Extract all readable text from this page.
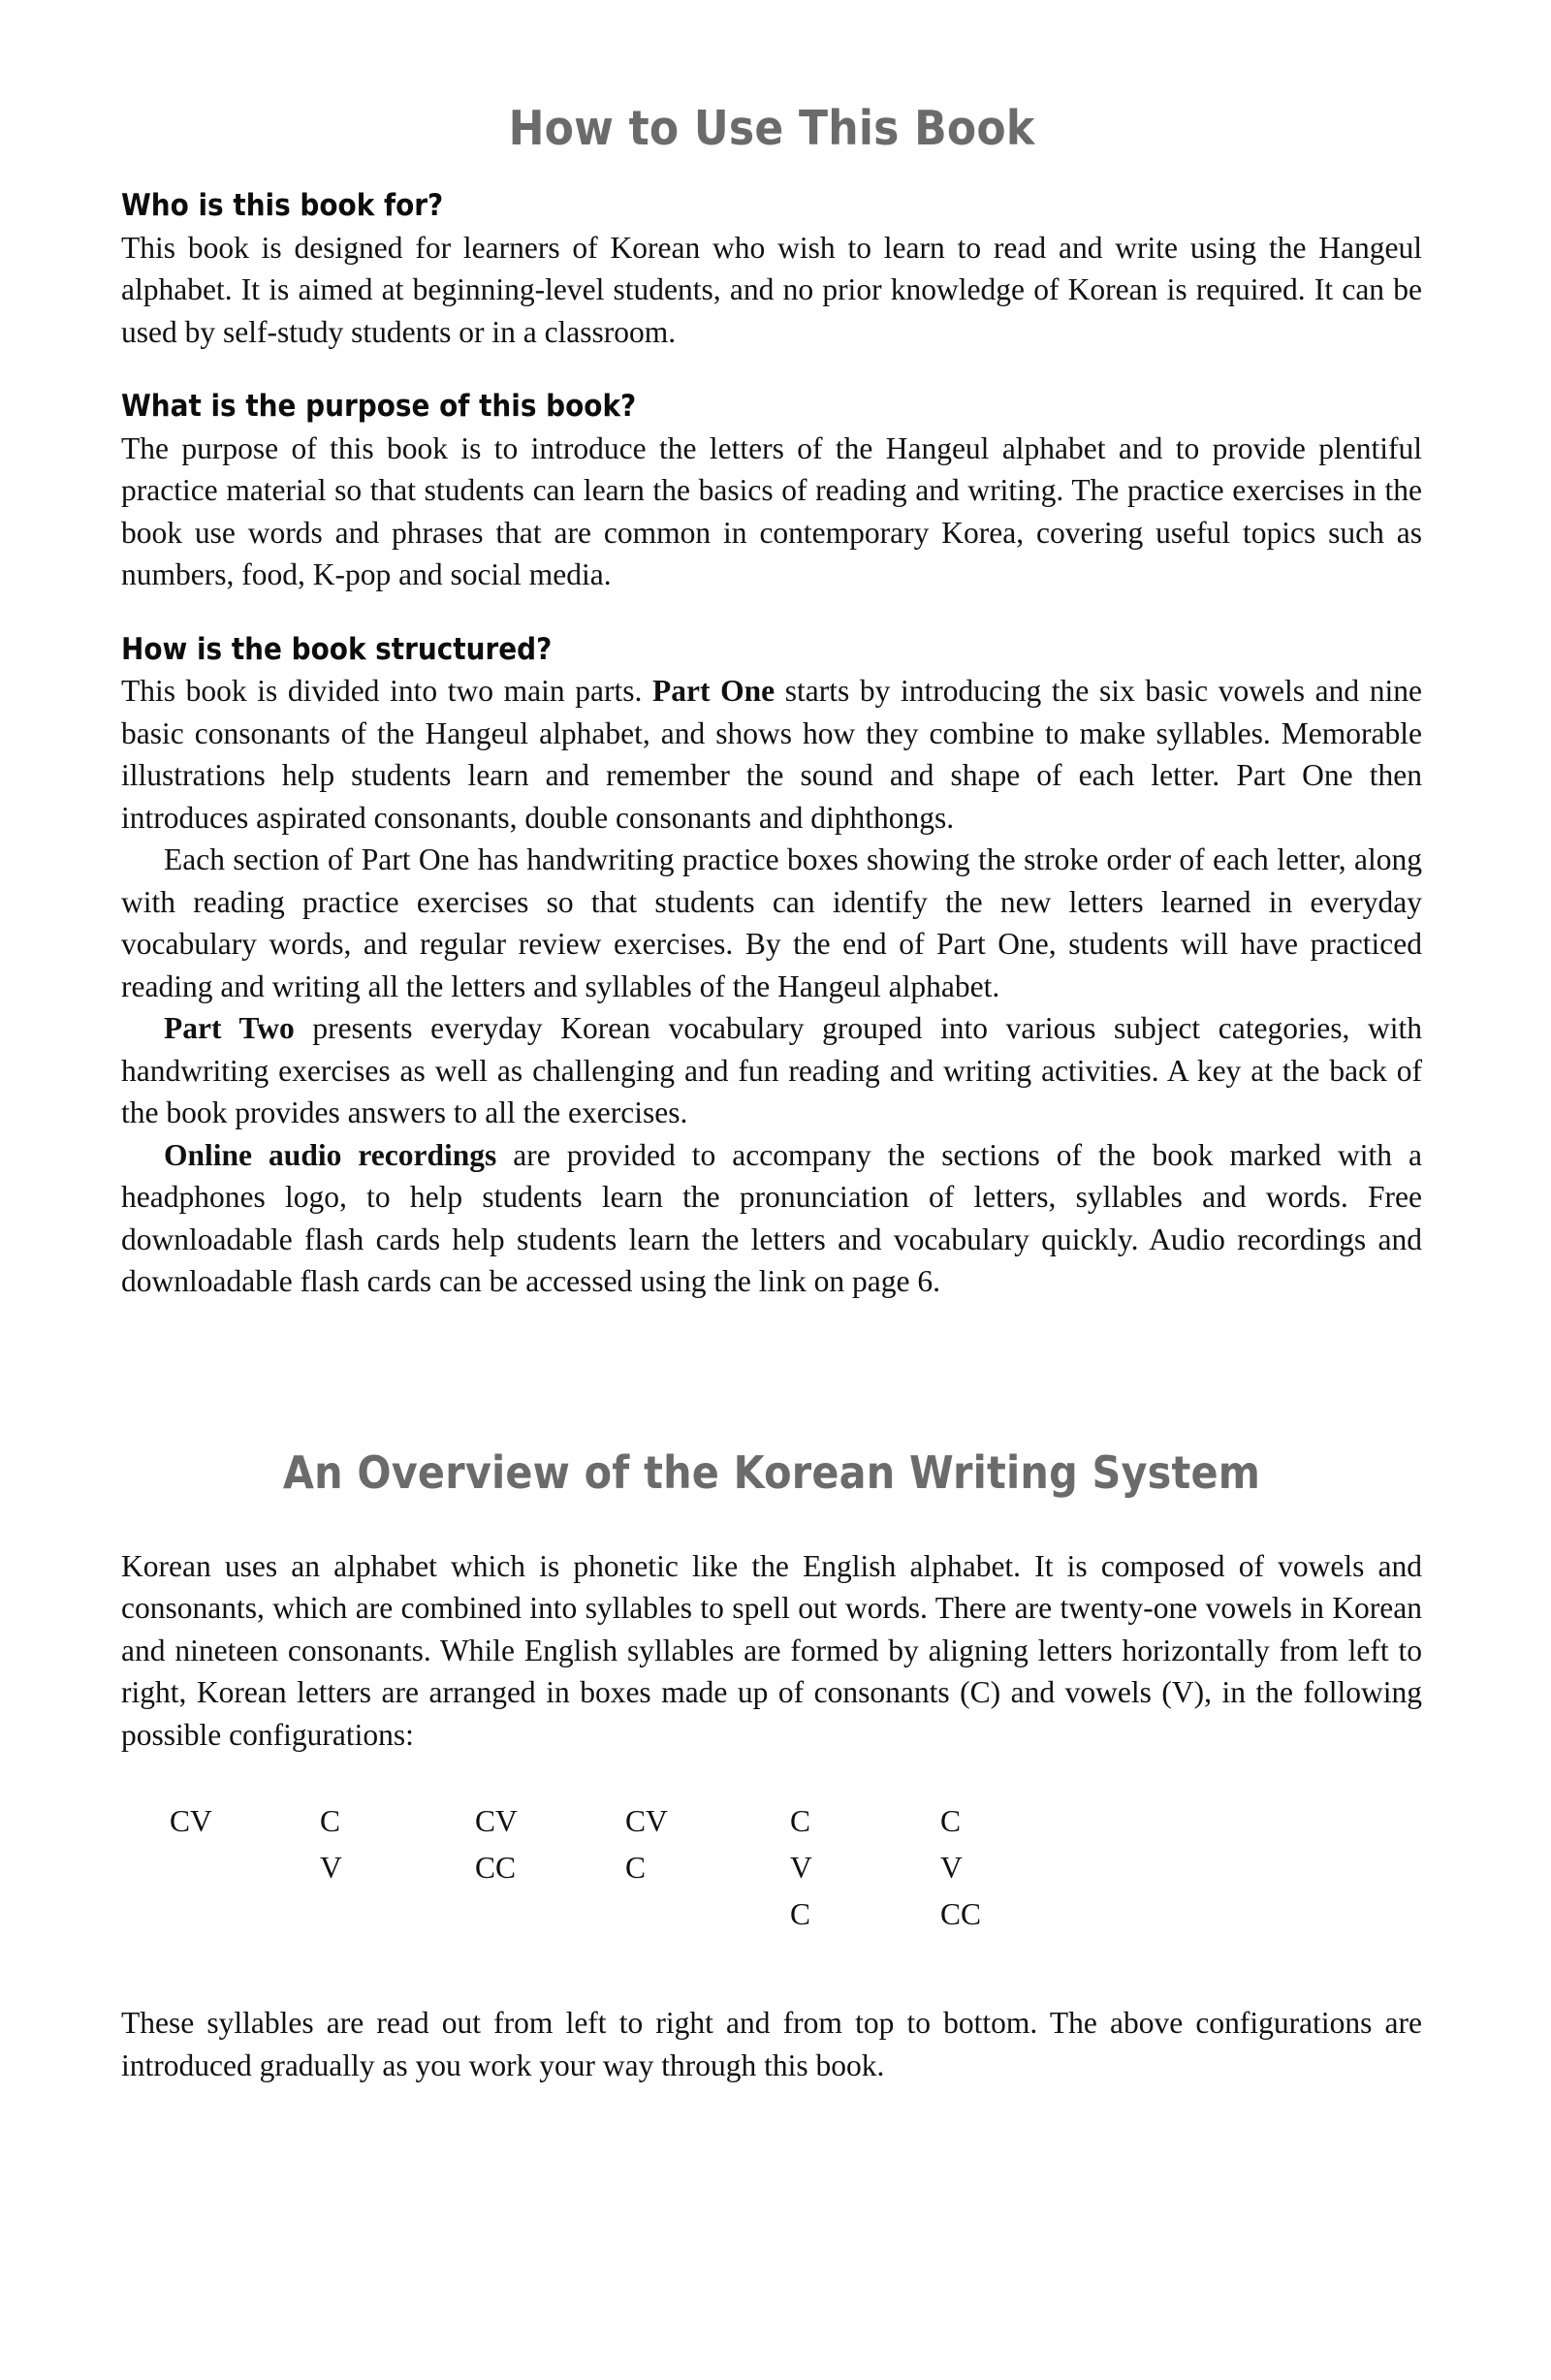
How to Use This Book
Who is this book for?

This book is designed for learners of Korean who wish to learn to read and write using the Hangeul alphabet. It is aimed at beginning-level students, and no prior knowledge of Korean is required. It can be used by self-study students or in a classroom.

What is the purpose of this book?

The purpose of this book is to introduce the letters of the Hangeul alphabet and to provide plentiful practice material so that students can learn the basics of reading and writing. The practice exercises in the book use words and phrases that are common in contemporary Korea, covering useful topics such as numbers, food, K-pop and social media.

How is the book structured?

This book is divided into two main parts. Part One starts by introducing the six basic vowels and nine basic consonants of the Hangeul alphabet, and shows how they combine to make syllables. Memorable illustrations help students learn and remember the sound and shape of each letter. Part One then introduces aspirated consonants, double consonants and diphthongs.

Each section of Part One has handwriting practice boxes showing the stroke order of each letter, along with reading practice exercises so that students can identify the new letters learned in everyday vocabulary words, and regular review exercises. By the end of Part One, students will have practiced reading and writing all the letters and syllables of the Hangeul alphabet.

Part Two presents everyday Korean vocabulary grouped into various subject categories, with handwriting exercises as well as challenging and fun reading and writing activities. A key at the back of the book provides answers to all the exercises.

Online audio recordings are provided to accompany the sections of the book marked with a headphones logo, to help students learn the pronunciation of letters, syllables and words. Free downloadable flash cards help students learn the letters and vocabulary quickly. Audio recordings and downloadable flash cards can be accessed using the link on page 6.

An Overview of the Korean Writing System

Korean uses an alphabet which is phonetic like the English alphabet. It is composed of vowels and consonants, which are combined into syllables to spell out words. There are twenty-one vowels in Korean and nineteen consonants. While English syllables are formed by aligning letters horizontally from left to right, Korean letters are arranged in boxes made up of consonants (C) and vowels (V), in the following possible configurations:

CV	C
V
CV
CC
CV
C
C
V
C
C
V
CC

These syllables are read out from left to right and from top to bottom. The above configurations are introduced gradually as you work your way through this book.
